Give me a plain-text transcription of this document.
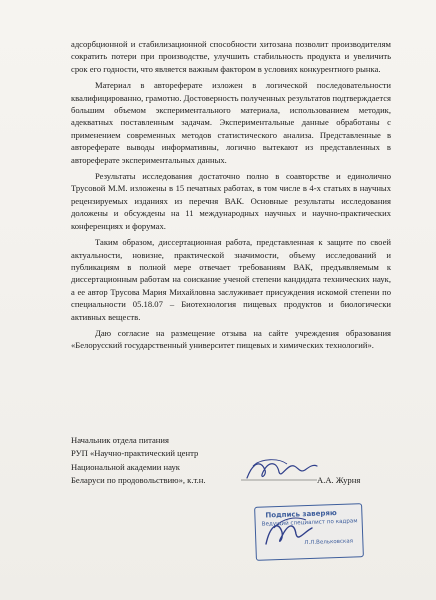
адсорбционной и стабилизационной способности хитозана позволит производителям сократить потери при производстве, улучшить стабильность продукта и увеличить срок его годности, что является важным фактором в условиях конкурентного рынка.

Материал в автореферате изложен в логической последовательности квалифицированно, грамотно. Достоверность полученных результатов подтверждается большим объемом экспериментального материала, использованием методик, адекватных поставленным задачам. Экспериментальные данные обработаны с применением современных методов статистического анализа. Представленные в автореферате выводы информативны, логично вытекают из представленных в автореферате экспериментальных данных.

Результаты исследования достаточно полно в соавторстве и единолично Трусовой М.М. изложены в 15 печатных работах, в том числе в 4-х статьях в научных рецензируемых изданиях из перечня ВАК. Основные результаты исследования доложены и обсуждены на 11 международных научных и научно-практических конференциях и форумах.

Таким образом, диссертационная работа, представленная к защите по своей актуальности, новизне, практической значимости, объему исследований и публикациям в полной мере отвечает требованиям ВАК, предъявляемым к диссертационным работам на соискание ученой степени кандидата технических наук, а ее автор Трусова Мария Михайловна заслуживает присуждения искомой степени по специальности 05.18.07 – Биотехнология пищевых продуктов и биологически активных веществ.

Даю согласие на размещение отзыва на сайте учреждения образования «Белорусский государственный университет пищевых и химических технологий».

Начальник отдела питания
РУП «Научно-практический центр
Национальной академии наук
Беларуси по продовольствию», к.т.н.	А.А. Журня
Подпись заверяю
Ведущий специалист по кадрам
Л.Л.Вельковская
